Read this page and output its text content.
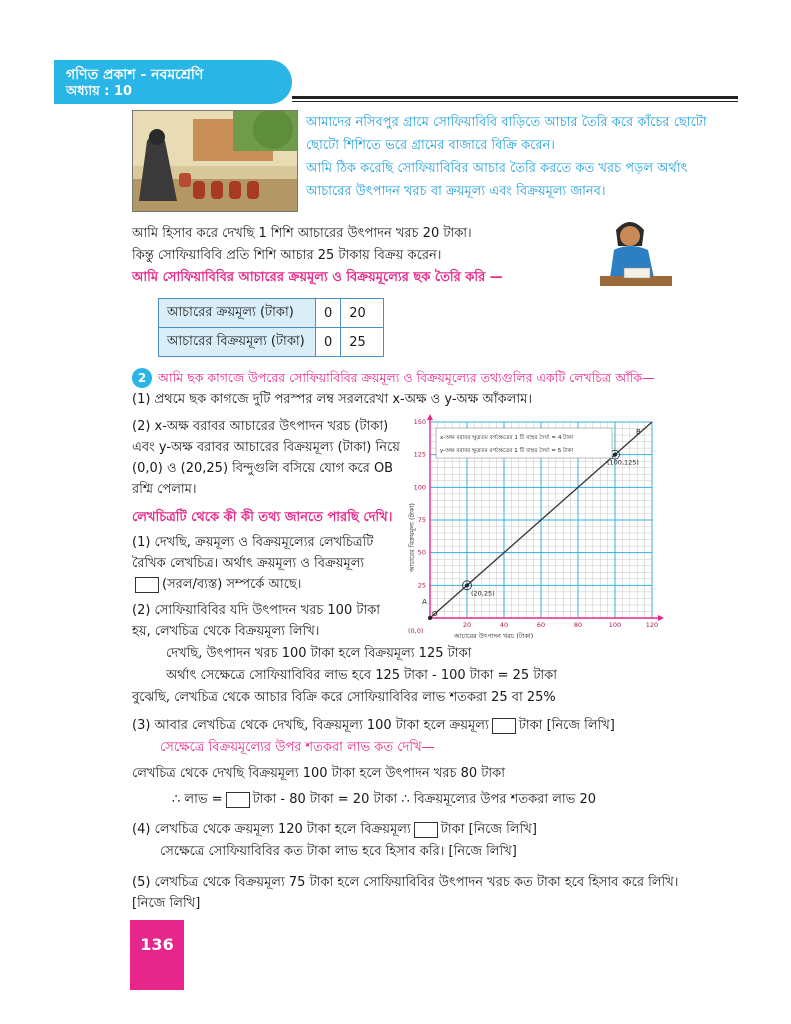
গণিত প্রকাশ - নবমশ্রেণি
অধ্যায় : 10

আমাদের নসিবপুর গ্রামে সোফিয়াবিবি বাড়িতে আচার তৈরি করে কাঁচের ছোটো ছোটো শিশিতে ভরে গ্রামের বাজারে বিক্রি করেন।

আমি ঠিক করেছি সোফিয়াবিবির আচার তৈরি করতে কত খরচ পড়ল অর্থাৎ আচারের উৎপাদন খরচ বা ক্রয়মূল্য এবং বিক্রয়মূল্য জানব।

আমি হিসাব করে দেখছি 1 শিশি আচারের উৎপাদন খরচ 20 টাকা।
কিন্তু সোফিয়াবিবি প্রতি শিশি আচার 25 টাকায় বিক্রয় করেন।
আমি সোফিয়াবিবির আচারের ক্রয়মূল্য ও বিক্রয়মূল্যের ছক তৈরি করি —
আচারের ক্রয়মূল্য (টাকা)	0	20
আচারের বিক্রয়মূল্য (টাকা)	0	25
2 আমি ছক কাগজে উপরের সোফিয়াবিবির ক্রয়মূল্য ও বিক্রয়মূল্যের তথ্যগুলির একটি লেখচিত্র আঁকি—
(1) প্রথমে ছক কাগজে দুটি পরস্পর লম্ব সরলরেখা x-অক্ষ ও y-অক্ষ আঁকলাম।
(2) x-অক্ষ বরাবর আচারের উৎপাদন খরচ (টাকা) এবং y-অক্ষ বরাবর আচারের বিক্রয়মূল্য (টাকা) নিয়ে (0,0) ও (20,25) বিন্দুগুলি বসিয়ে যোগ করে OB রশ্মি পেলাম।
লেখচিত্রটি থেকে কী কী তথ্য জানতে পারছি দেখি।
(1) দেখছি, ক্রয়মূল্য ও বিক্রয়মূল্যের লেখচিত্রটি রৈখিক লেখচিত্র। অর্থাৎ ক্রয়মূল্য ও বিক্রয়মূল্য
(সরল/ব্যস্ত) সম্পর্কে আছে।
(2) সোফিয়াবিবির যদি উৎপাদন খরচ 100 টাকা হয়, লেখচিত্র থেকে বিক্রয়মূল্য লিখি।
দেখছি, উৎপাদন খরচ 100 টাকা হলে বিক্রয়মূল্য 125 টাকা
অর্থাৎ সেক্ষেত্রে সোফিয়াবিবির লাভ হবে 125 টাকা - 100 টাকা = 25 টাকা
বুঝেছি, লেখচিত্র থেকে আচার বিক্রি করে সোফিয়াবিবির লাভ শতকরা 25 বা 25%
(3) আবার লেখচিত্র থেকে দেখছি, বিক্রয়মূল্য 100 টাকা হলে ক্রয়মূল্য টাকা [নিজে লিখি]
সেক্ষেত্রে বিক্রয়মূল্যের উপর শতকরা লাভ কত দেখি—
লেখচিত্র থেকে দেখছি বিক্রয়মূল্য 100 টাকা হলে উৎপাদন খরচ 80 টাকা
∴ লাভ = টাকা - 80 টাকা = 20 টাকা ∴ বিক্রয়মূল্যের উপর শতকরা লাভ 20
(4) লেখচিত্র থেকে ক্রয়মূল্য 120 টাকা হলে বিক্রয়মূল্য টাকা [নিজে লিখি]
সেক্ষেত্রে সোফিয়াবিবির কত টাকা লাভ হবে হিসাব করি। [নিজে লিখি]
(5) লেখচিত্র থেকে বিক্রয়মূল্য 75 টাকা হলে সোফিয়াবিবির উৎপাদন খরচ কত টাকা হবে হিসাব করে লিখি। [নিজে লিখি]
136
20	40	60	80	100	120
25
50
75
100
125
150
(20,25)
(100,125)
O
A
B
x-অক্ষ বরাবর ক্ষুদ্রতম বর্গক্ষেত্রের 1 টি বাহুর দৈর্ঘ্য = 4 টাকা
y-অক্ষ বরাবর ক্ষুদ্রতম বর্গক্ষেত্রের 1 টি বাহুর দৈর্ঘ্য = 5 টাকা
(0,0)
আচারের উৎপাদন খরচ (টাকা)
আচারের বিক্রয়মূল্য (টাকা)
